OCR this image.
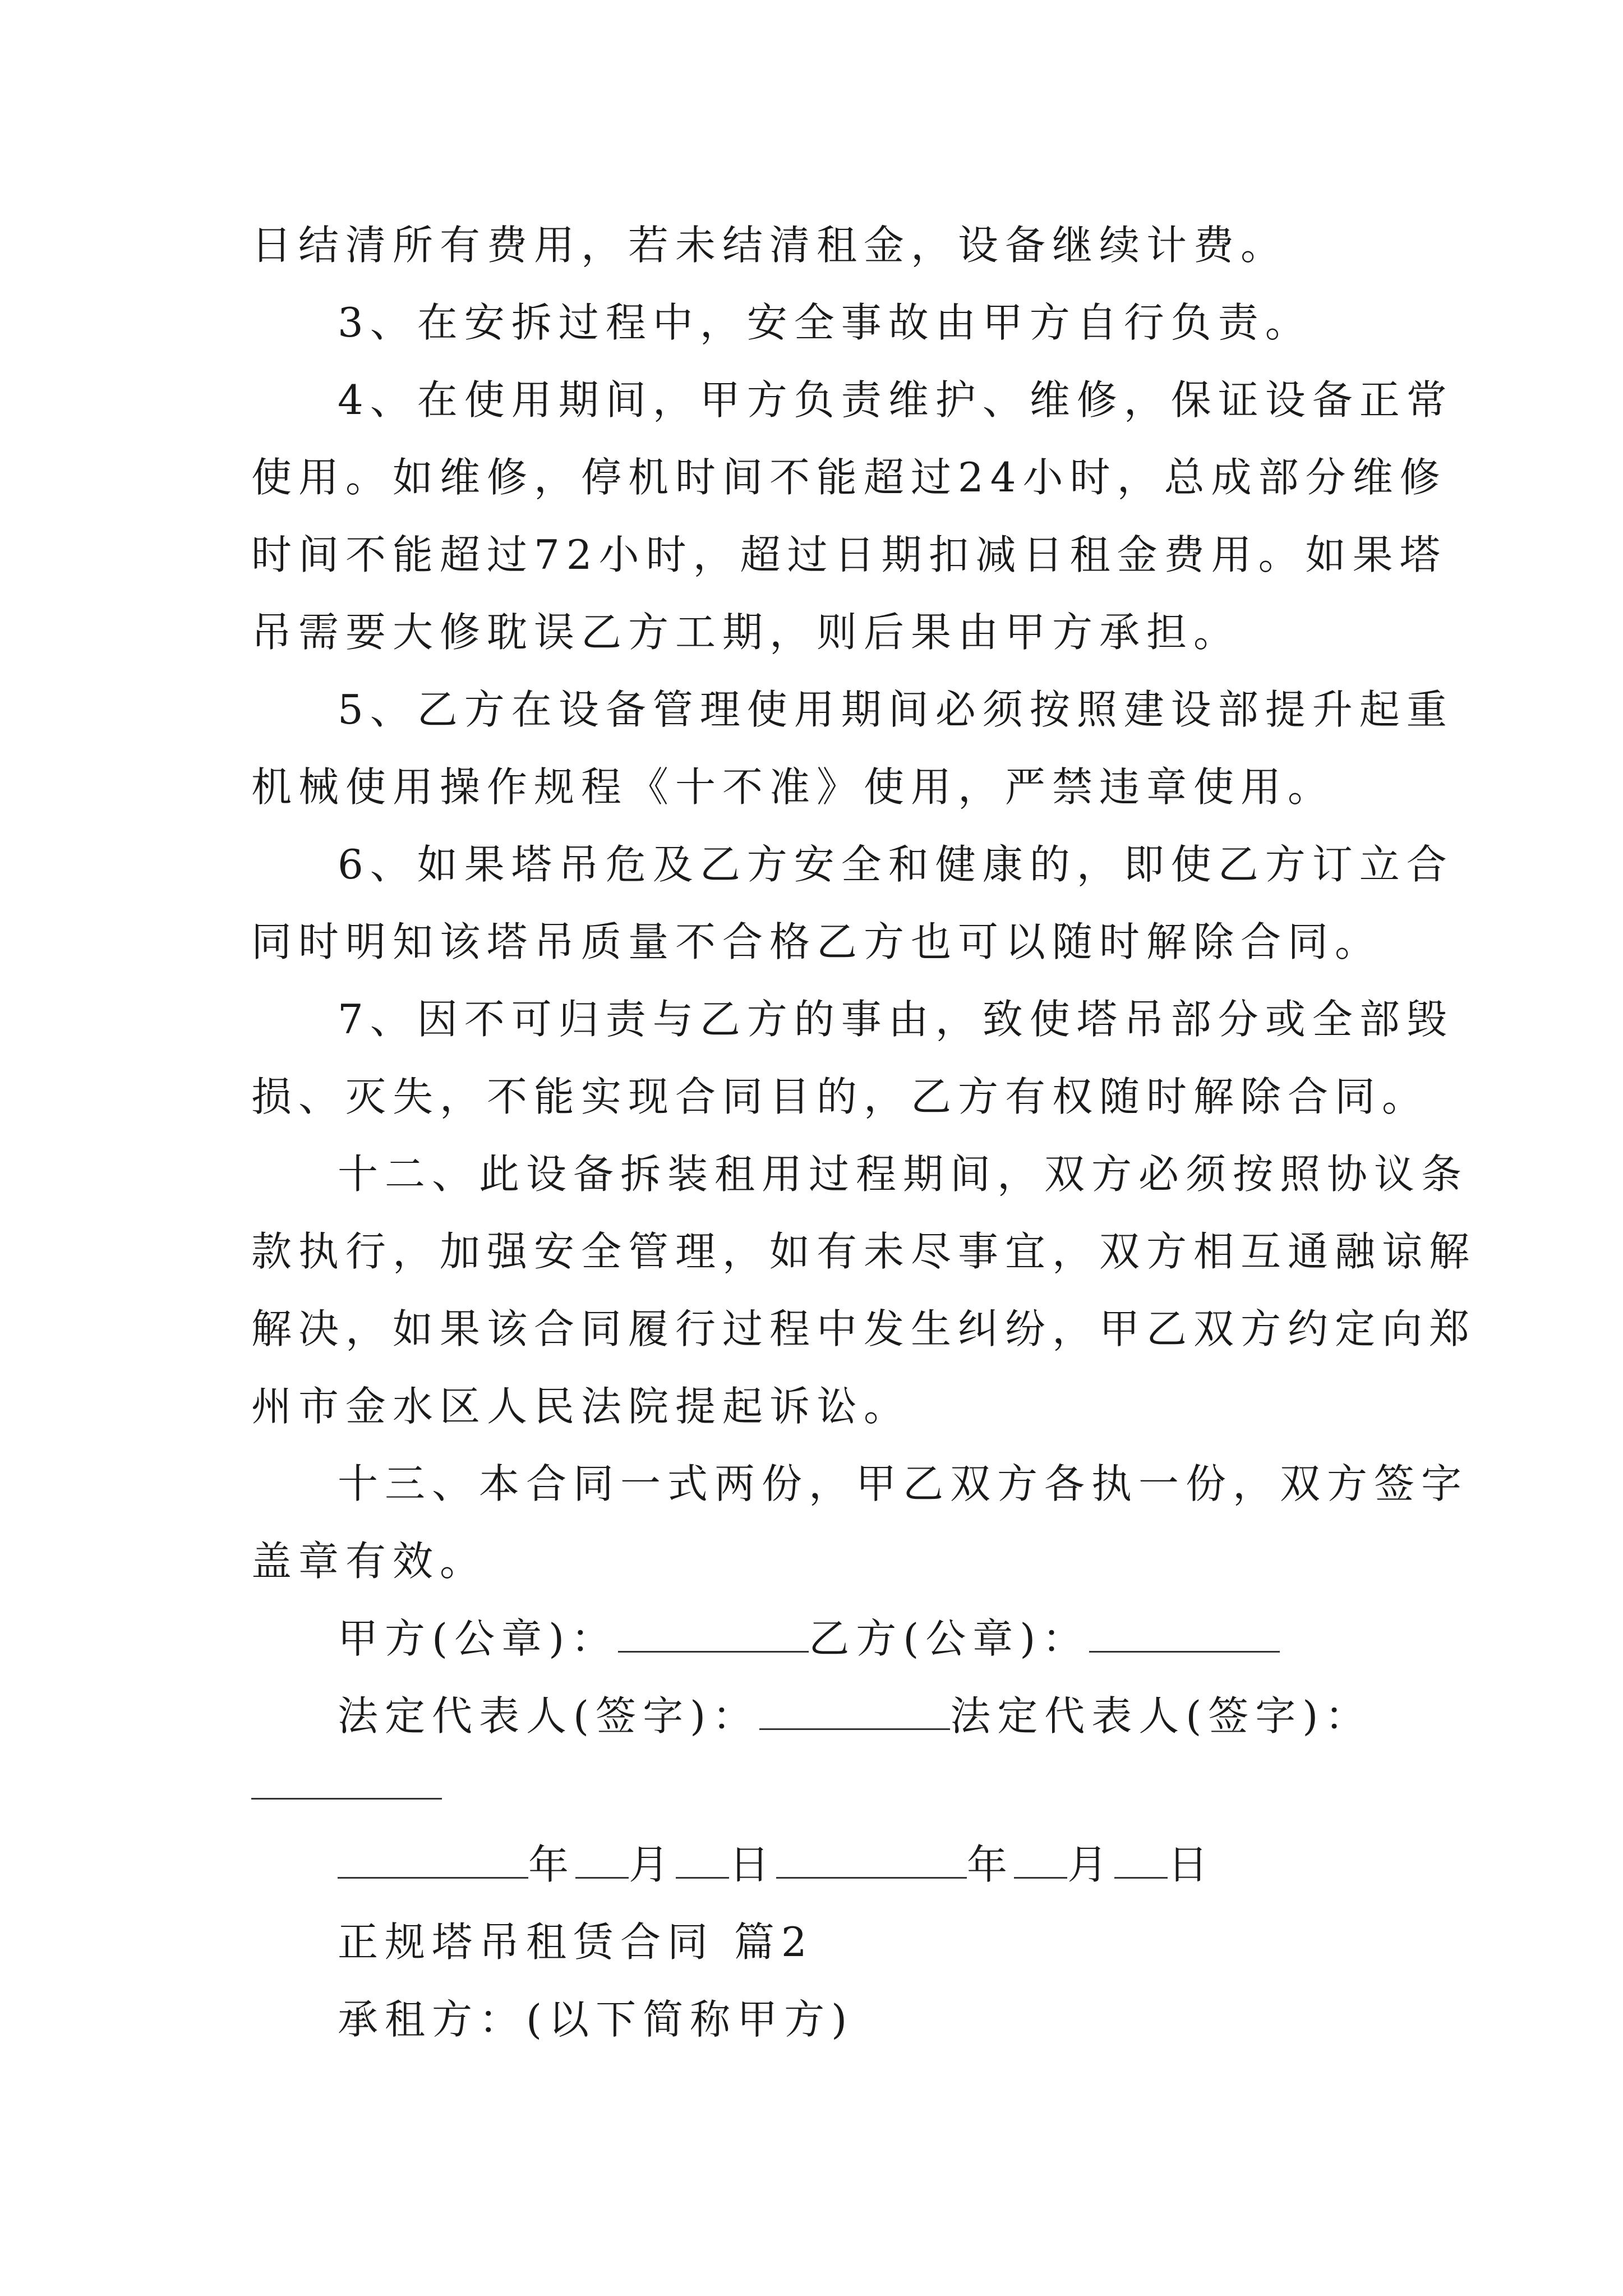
日结清所有费用，若未结清租金，设备继续计费。
3、在安拆过程中，安全事故由甲方自行负责。
4、在使用期间，甲方负责维护、维修，保证设备正常
使用。如维修，停机时间不能超过24小时，总成部分维修
时间不能超过72小时，超过日期扣减日租金费用。如果塔
吊需要大修耽误乙方工期，则后果由甲方承担。
5、乙方在设备管理使用期间必须按照建设部提升起重
机械使用操作规程《十不准》使用，严禁违章使用。
6、如果塔吊危及乙方安全和健康的，即使乙方订立合
同时明知该塔吊质量不合格乙方也可以随时解除合同。
7、因不可归责与乙方的事由，致使塔吊部分或全部毁
损、灭失，不能实现合同目的，乙方有权随时解除合同。
十二、此设备拆装租用过程期间，双方必须按照协议条
款执行，加强安全管理，如有未尽事宜，双方相互通融谅解
解决，如果该合同履行过程中发生纠纷，甲乙双方约定向郑
州市金水区人民法院提起诉讼。
十三、本合同一式两份，甲乙双方各执一份，双方签字
盖章有效。
甲方(公章)：	乙方(公章)：
法定代表人(签字)：	法定代表人(签字)：
年 月 日	年 月 日
正规塔吊租赁合同 篇2
承租方：(以下简称甲方)
